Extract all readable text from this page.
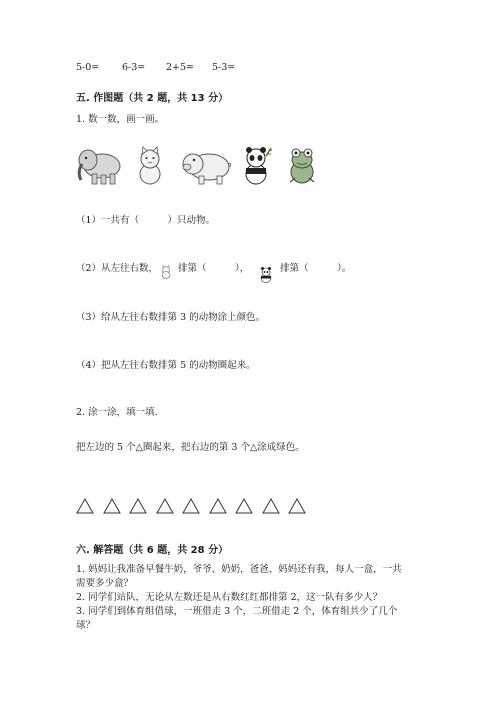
5-0= 6-3= 2+5= 5-3=
五. 作图题（共 2 题，共 13 分）
1. 数一数，画一画。
（1）一共有（　　　）只动物。
（2）从左往右数， 排第（　　　），	排第（　　　）。
（3）给从左往右数排第 3 的动物涂上颜色。
（4）把从左往右数排第 5 的动物圈起来。
2. 涂一涂，填一填.
把左边的 5 个△圈起来，把右边的第 3 个△涂成绿色。
六. 解答题（共 6 题，共 28 分）
1. 妈妈让我准备早餐牛奶，爷爷、奶奶，爸爸、妈妈还有我，每人一盒，一共
需要多少盒？
2. 同学们站队，无论从左数还是从右数红红都排第 2，这一队有多少人？
3. 同学们到体育组借球，一班借走 3 个，二班借走 2 个，体育组共少了几个
球？
